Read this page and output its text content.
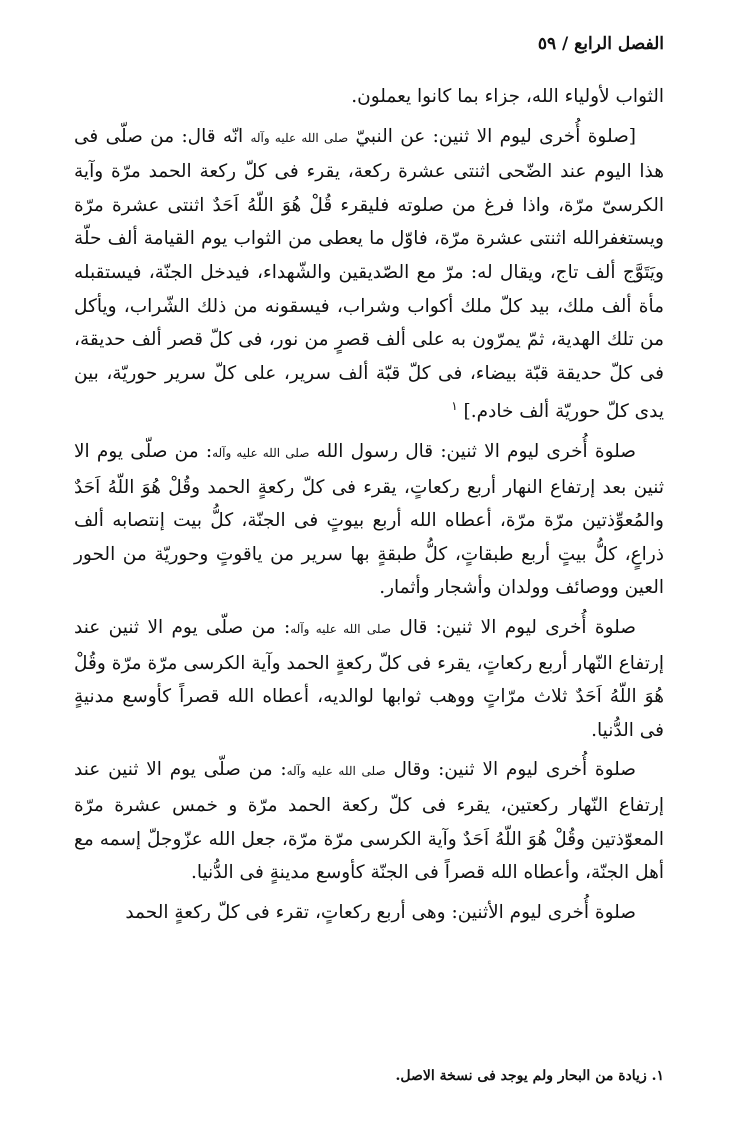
الفصل الرابع / ٥٩

الثواب لأولياء الله، جزاء بما كانوا يعملون.

[صلوة أُخرى ليوم الا ثنين: عن النبيّ صلى الله عليه وآله انّه قال: من صلّى فى هذا اليوم عند الضّحى اثنتى عشرة ركعة، يقرء فى كلّ ركعة الحمد مرّة وآية الكرسىّ مرّة، واذا فرغ من صلوته فليقرء قُلْ هُوَ اللّهُ اَحَدٌ اثنتى عشرة مرّة ويستغفرالله اثنتى عشرة مرّة، فاوّل ما يعطى من الثواب يوم القيامة ألف حلّة ويَتَوَّج ألف تاج، ويقال له: مرّ مع الصّديقين والشّهداء، فيدخل الجنّة، فيستقبله مأة ألف ملك، بيد كلّ ملك أكواب وشراب، فيسقونه من ذلك الشّراب، ويأكل من تلك الهدية، ثمّ يمرّون به على ألف قصرٍ من نور، فى كلّ قصر ألف حديقة، فى كلّ حديقة قبّة بيضاء، فى كلّ قبّة ألف سرير، على كلّ سرير حوريّة، بين يدى كلّ حوريّة ألف خادم.] $^١$

صلوة أُخرى ليوم الا ثنين: قال رسول الله صلى الله عليه وآله: من صلّى يوم الا ثنين بعد إرتفاع النهار أربع ركعاتٍ، يقرء فى كلّ ركعةٍ الحمد وقُلْ هُوَ اللّهُ اَحَدٌ والمُعوِّذتين مرّة مرّة، أعطاه الله أربع بيوتٍ فى الجنّة، كلُّ بيت إنتصابه ألف ذراعٍ، كلُّ بيتٍ أربع طبقاتٍ، كلُّ طبقةٍ بها سرير من ياقوتٍ وحوريّة من الحور العين ووصائف وولدان وأشجار وأثمار.

صلوة أُخرى ليوم الا ثنين: قال صلى الله عليه وآله: من صلّى يوم الا ثنين عند إرتفاع النّهار أربع ركعاتٍ، يقرء فى كلّ ركعةٍ الحمد وآية الكرسى مرّة مرّة وقُلْ هُوَ اللّهُ اَحَدٌ ثلاث مرّاتٍ ووهب ثوابها لوالديه، أعطاه الله قصراً كأوسع مدنيةٍ فى الدُّنيا.

صلوة أُخرى ليوم الا ثنين: وقال صلى الله عليه وآله: من صلّى يوم الا ثنين عند إرتفاع النّهار ركعتين، يقرء فى كلّ ركعة الحمد مرّة و خمس عشرة مرّة المعوّذتين وقُلْ هُوَ اللّهُ اَحَدٌ وآية الكرسى مرّة مرّة، جعل الله عزّوجلّ إسمه مع أهل الجنّة، وأعطاه الله قصراً فى الجنّة كأوسع مدينةٍ فى الدُّنيا.

صلوة أُخرى ليوم الأثنين: وهى أربع ركعاتٍ، تقرء فى كلّ ركعةٍ الحمد

١. زيادة من البحار ولم يوجد فى نسخة الاصل.
